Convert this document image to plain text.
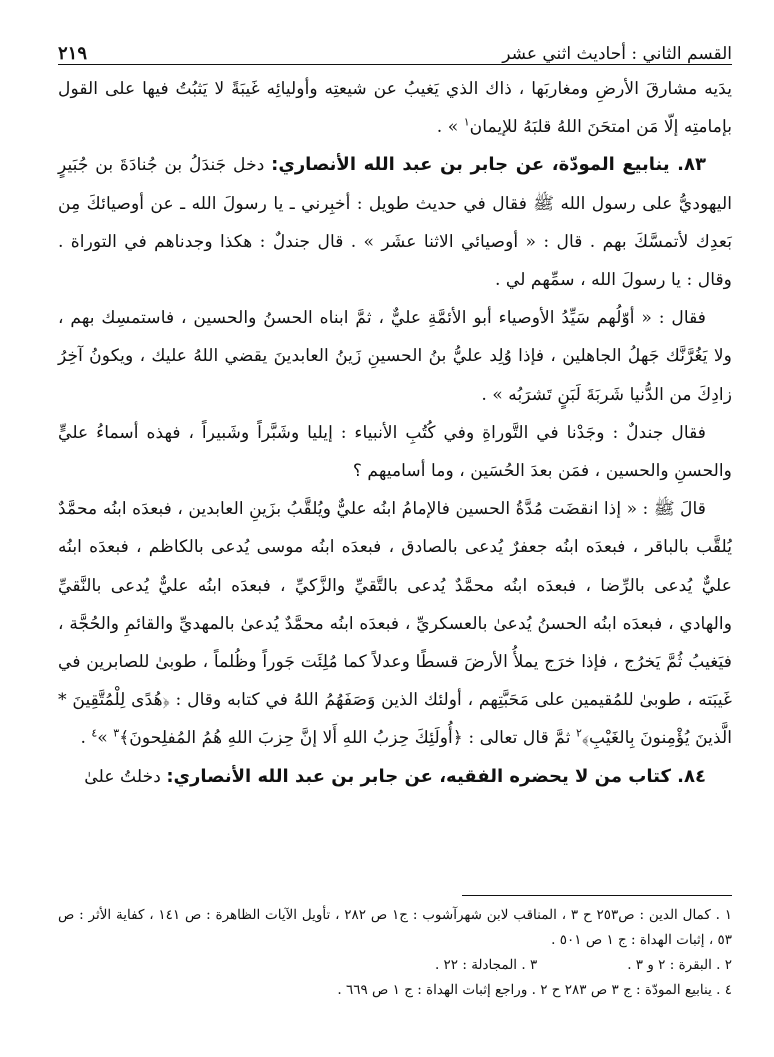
القسم الثاني : أحاديث اثني عشر
٢١٩

يدَيه مشارقَ الأرضِ ومغاربَها ، ذاك الذي يَغيبُ عن شيعتِه وأوليائِه غَيبَةً لا يَثبُتُ فيها على القول بإمامتِه إلّا مَن امتحَنَ اللهُ قلبَهُ للإيمان$^١$ » .

٨٣. ينابيع المودّة، عن جابر بن عبد الله الأنصاري: دخل جَندَلُ بن جُنادَةَ بن جُبَيرٍ اليهوديُّ على رسول الله ﷺ فقال في حديث طويل : أخبِرني ـ يا رسولَ الله ـ عن أوصيائكَ مِن بَعدِك لأتمسَّكَ بهم . قال : « أوصيائي الاثنا عشَر » . قال جندلٌ : هكذا وجدناهم في التوراة . وقال : يا رسولَ الله ، سمِّهم لي .

فقال : « أوّلُهم سَيِّدُ الأوصياء أبو الأئمَّةِ عليٌّ ، ثمَّ ابناه الحسنُ والحسين ، فاستمسِك بهم ، ولا يَغُرَّنَّك جَهلُ الجاهلين ، فإذا وُلِد عليُّ بنُ الحسينِ زَينُ العابدينَ يقضي اللهُ عليك ، ويكونُ آخِرُ زادِكَ من الدُّنيا شَربَةَ لَبَنٍ تَشرَبُه » .

فقال جندلٌ : وجَدْنا في التَّوراةِ وفي كُتُبِ الأنبياء : إيليا وشَبَّراً وشَبيراً ، فهذه أسماءُ عليٍّ والحسنِ والحسين ، فمَن بعدَ الحُسَين ، وما أساميهم ؟

قالَ ﷺ : « إذا انقضَت مُدَّةُ الحسين فالإمامُ ابنُه عليٌّ ويُلقَّبُ بزَينِ العابدين ، فبعدَه ابنُه محمَّدٌ يُلقَّب بالباقر ، فبعدَه ابنُه جعفرٌ يُدعى بالصادق ، فبعدَه ابنُه موسى يُدعى بالكاظم ، فبعدَه ابنُه عليٌّ يُدعى بالرِّضا ، فبعدَه ابنُه محمَّدٌ يُدعى بالتَّقيِّ والزَّكيِّ ، فبعدَه ابنُه عليٌّ يُدعى بالنَّقيِّ والهادي ، فبعدَه ابنُه الحسنُ يُدعىٰ بالعسكريِّ ، فبعدَه ابنُه محمَّدٌ يُدعىٰ بالمهديِّ والقائمِ والحُجَّة ، فيَغيبُ ثُمَّ يَخرُج ، فإذا خرَج يملأُ الأرضَ قسطًا وعدلاً كما مُلِئَت جَوراً وظُلماً ، طوبىٰ للصابرين في غَيبَته ، طوبىٰ للمُقيمين على مَحَبَّتِهم ، أولئك الذين وَصَفَهُمُ اللهُ في كتابه وقال : ﴿هُدًى لِلْمُتَّقِينَ * الَّذينَ يُؤْمِنونَ بِالغَيْبِ﴾$^٢$ ثمَّ قال تعالى : ﴿أُولَئِكَ حِزبُ اللهِ أَلا إنَّ حِزبَ اللهِ هُمُ المُفلِحونَ﴾$^٣$ »$^٤$ .

٨٤. كتاب من لا يحضره الفقيه، عن جابر بن عبد الله الأنصاري: دخلتُ علىٰ

١ . كمال الدين : ص٢٥٣ ح ٣ ، المناقب لابن شهرآشوب : ج١ ص ٢٨٢ ، تأويل الآيات الظاهرة : ص ١٤١ ، كفاية الأثر : ص ٥٣ ، إثبات الهداة : ج ١ ص ٥٠١ .

٢ . البقرة : ٢ و ٣ .
٣ . المجادلة : ٢٢ .

٤ . ينابيع المودّة : ج ٣ ص ٢٨٣ ح ٢ . وراجع إثبات الهداة : ج ١ ص ٦٦٩ .
